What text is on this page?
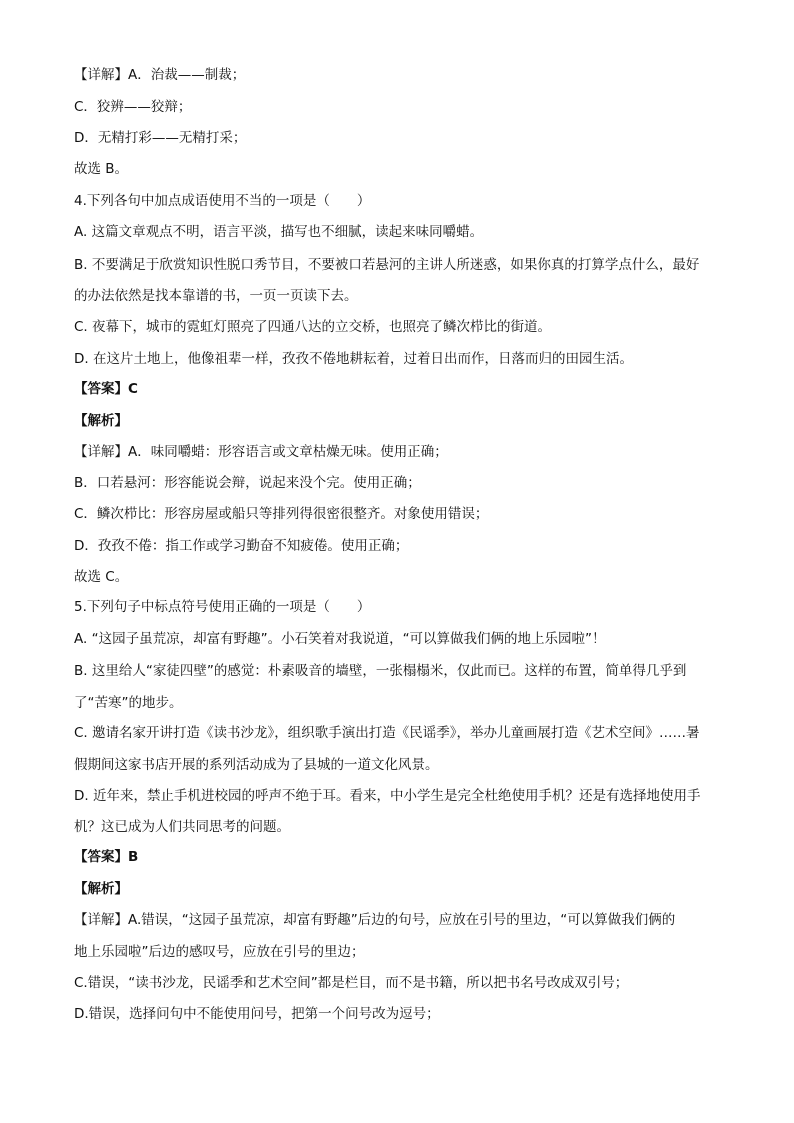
【详解】A．治裁——制裁；
C．狡辨——狡辩；
D．无精打彩——无精打采；
故选 B。
4.下列各句中加点成语使用不当的一项是（　　）
A. 这篇文章观点不明，语言平淡，描写也不细腻，读起来味同嚼蜡。
B. 不要满足于欣赏知识性脱口秀节目，不要被口若悬河的主讲人所迷惑，如果你真的打算学点什么，最好
的办法依然是找本靠谱的书，一页一页读下去。
C. 夜幕下，城市的霓虹灯照亮了四通八达的立交桥，也照亮了鳞次栉比的街道。
D. 在这片土地上，他像祖辈一样，孜孜不倦地耕耘着，过着日出而作，日落而归的田园生活。
【答案】C
【解析】
【详解】A．味同嚼蜡：形容语言或文章枯燥无味。使用正确；
B．口若悬河：形容能说会辩，说起来没个完。使用正确；
C．鳞次栉比：形容房屋或船只等排列得很密很整齐。对象使用错误；
D．孜孜不倦：指工作或学习勤奋不知疲倦。使用正确；
故选 C。
5.下列句子中标点符号使用正确的一项是（　　）
A. “这园子虽荒凉，却富有野趣”。小石笑着对我说道，“可以算做我们俩的地上乐园啦”！
B. 这里给人“家徒四壁”的感觉：朴素吸音的墙壁，一张榻榻米，仅此而已。这样的布置，简单得几乎到
了“苦寒”的地步。
C. 邀请名家开讲打造《读书沙龙》，组织歌手演出打造《民谣季》，举办儿童画展打造《艺术空间》……暑
假期间这家书店开展的系列活动成为了县城的一道文化风景。
D. 近年来，禁止手机进校园的呼声不绝于耳。看来，中小学生是完全杜绝使用手机？还是有选择地使用手
机？这已成为人们共同思考的问题。
【答案】B
【解析】
【详解】A.错误，“这园子虽荒凉，却富有野趣”后边的句号，应放在引号的里边，“可以算做我们俩的
地上乐园啦”后边的感叹号，应放在引号的里边；
C.错误，“读书沙龙，民谣季和艺术空间”都是栏目，而不是书籍，所以把书名号改成双引号；
D.错误，选择问句中不能使用问号，把第一个问号改为逗号；
